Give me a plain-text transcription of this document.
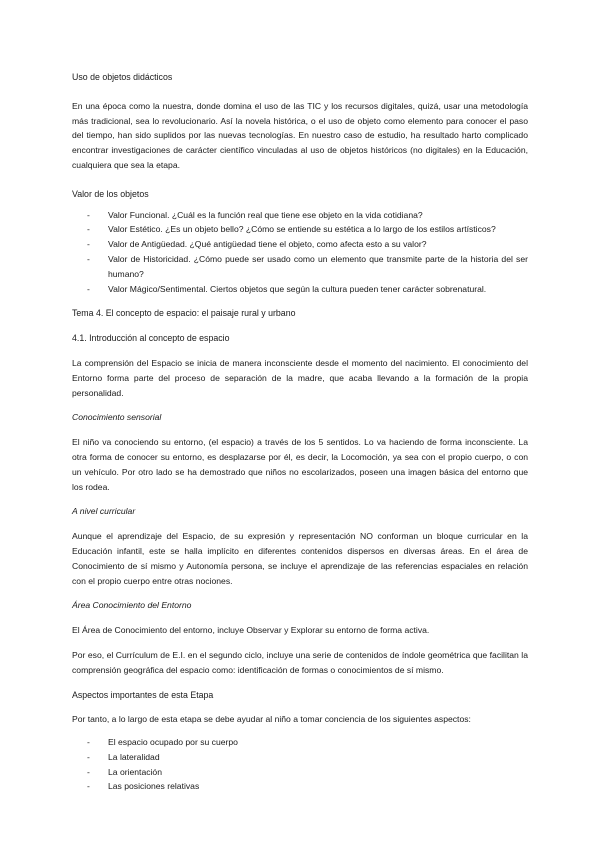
Uso de objetos didácticos

En una época como la nuestra, donde domina el uso de las TIC y los recursos digitales, quizá, usar una metodología más tradicional, sea lo revolucionario. Así la novela histórica, o el uso de objeto como elemento para conocer el paso del tiempo, han sido suplidos por las nuevas tecnologías. En nuestro caso de estudio, ha resultado harto complicado encontrar investigaciones de carácter científico vinculadas al uso de objetos históricos (no digitales) en la Educación, cualquiera que sea la etapa.

Valor de los objetos

- Valor Funcional. ¿Cuál es la función real que tiene ese objeto en la vida cotidiana?
- Valor Estético. ¿Es un objeto bello? ¿Cómo se entiende su estética a lo largo de los estilos artísticos?
- Valor de Antigüedad. ¿Qué antigüedad tiene el objeto, como afecta esto a su valor?
- Valor de Historicidad. ¿Cómo puede ser usado como un elemento que transmite parte de la historia del ser humano?
- Valor Mágico/Sentimental. Ciertos objetos que según la cultura pueden tener carácter sobrenatural.

Tema 4. El concepto de espacio: el paisaje rural y urbano

4.1. Introducción al concepto de espacio

La comprensión del Espacio se inicia de manera inconsciente desde el momento del nacimiento. El conocimiento del Entorno forma parte del proceso de separación de la madre, que acaba llevando a la formación de la propia personalidad.

Conocimiento sensorial

El niño va conociendo su entorno, (el espacio) a través de los 5 sentidos. Lo va haciendo de forma inconsciente. La otra forma de conocer su entorno, es desplazarse por él, es decir, la Locomoción, ya sea con el propio cuerpo, o con un vehículo. Por otro lado se ha demostrado que niños no escolarizados, poseen una imagen básica del entorno que los rodea.

A nivel curricular

Aunque el aprendizaje del Espacio, de su expresión y representación NO conforman un bloque curricular en la Educación infantil, este se halla implícito en diferentes contenidos dispersos en diversas áreas. En el área de Conocimiento de sí mismo y Autonomía persona, se incluye el aprendizaje de las referencias espaciales en relación con el propio cuerpo entre otras nociones.

Área Conocimiento del Entorno

El Área de Conocimiento del entorno, incluye Observar y Explorar su entorno de forma activa.

Por eso, el Currículum de E.I. en el segundo ciclo, incluye una serie de contenidos de índole geométrica que facilitan la comprensión geográfica del espacio como: identificación de formas o conocimientos de sí mismo.

Aspectos importantes de esta Etapa

Por tanto, a lo largo de esta etapa se debe ayudar al niño a tomar conciencia de los siguientes aspectos:

- El espacio ocupado por su cuerpo
- La lateralidad
- La orientación
- Las posiciones relativas
